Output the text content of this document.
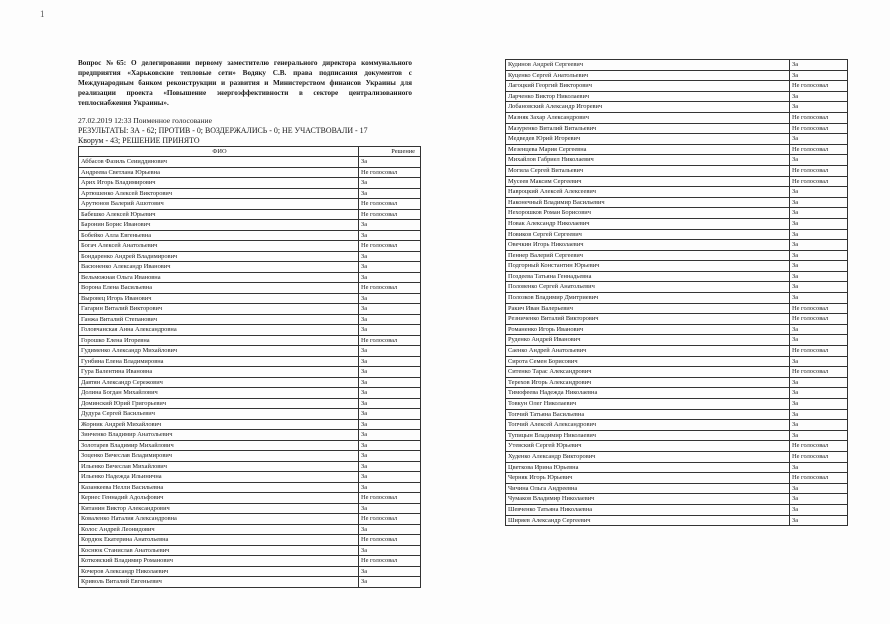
1
Вопрос №65: О делегировании первому заместителю генерального директора коммунального предприятия «Харьковские тепловые сети» Водяку С.В. права подписания документов с Международным банком реконструкции и развития и Министерством финансов Украины для реализации проекта «Повышение энергоэффективности в секторе централизованного теплоснабжения Украины».
27.02.2019 12:33 Поименное голосование
РЕЗУЛЬТАТЫ: ЗА - 62; ПРОТИВ - 0; ВОЗДЕРЖАЛИСЬ - 0; НЕ УЧАСТВОВАЛИ - 17
Кворум - 43; РЕШЕНИЕ ПРИНЯТО
ФИО	Решение
Аббасов Фазиль Сеииддинович	За
Андреева Светлана Юрьевна	Не голосовал
Арих Игорь Владимирович	За
Артюшенко Алексей Викторович	За
Арутюнов Валерий Ашотович	Не голосовал
Бабешко Алексей Юрьевич	Не голосовал
Баронин Борис Иванович	За
Бобейко Алла Евгеньевна	За
Богач Алексей Анатольевич	Не голосовал
Бондаренко Андрей Владимирович	За
Васюненко Александр Иванович	За
Вельможная Ольга Ивановна	За
Ворона Елена Васильевна	Не голосовал
Выровец Игорь Иванович	За
Гагарин Виталий Викторович	За
Ганжа Виталий Степанович	За
Головчанская Анна Александровна	За
Горошко Елена Игоревна	Не голосовал
Гудименко Александр Михайлович	За
Гунбина Елена Владимировна	За
Гура Валентина Ивановна	За
Давтян Александр Сережович	За
Долина Богдан Михайлович	За
Доминский Юрий Григорьевич	За
Дудура Сергей Васильевич	За
Жорник Андрей Михайлович	За
Зинченко Владимир Анатольевич	За
Золотарев Владимир Михайлович	За
Зоценко Вячеслав Владимирович	За
Ильенко Вячеслав Михайлович	За
Ильенко Надежда Ильинична	За
Казанкеева Нелли Васильевна	За
Кернес Геннадий Адольфович	Не голосовал
Китанин Виктор Александрович	За
Коваленко Наталия Александровна	Не голосовал
Колос Андрей Леонидович	За
Кордюк Екатерина Анатольевна	Не голосовал
Коснюк Станислав Анатольевич	За
Котковский Владимир Романович	Не голосовал
Кочеров Александр Николаевич	За
Криволь Виталий Евгеньевич	За
Кудинов Андрей Сергеевич	За
Куценко Сергей Анатольевич	За
Лагоцкий Георгий Викторович	Не голосовал
Ларченко Виктор Николаевич	За
Лобановский Александр Игоревич	За
Мазняк Захар Александрович	Не голосовал
Мазуренко Виталий Витальевич	Не голосовал
Медведев Юрий Игоревич	За
Мезенцева Мария Сергеевна	Не голосовал
Михайлов Габриел Николаевич	За
Могила Сергей Витальевич	Не голосовал
Мусеев Максим Сергеевич	Не голосовал
Навроцкий Алексей Алексеевич	За
Наконечный Владимир Васильевич	За
Нехорошков Роман Борисович	За
Новак Александр Николаевич	За
Новиков Сергей Сергеевич	За
Овечкин Игорь Николаевич	За
Пеннер Валерий Сергеевич	За
Подгорный Константин Юрьевич	За
Поздеева Татьяна Геннадьевна	За
Половенко Сергей Анатольевич	За
Полозков Владимир Дмитриевич	За
Ракич Иван Валерьевич	Не голосовал
Резниченко Виталий Викторович	Не голосовал
Романенко Игорь Иванович	За
Руденко Андрей Иванович	За
Саенко Андрей Анатольевич	Не голосовал
Сирота Семен Борисович	За
Ситенко Тарас Александрович	Не голосовал
Терехов Игорь Александрович	За
Тимофеева Надежда Николаевна	За
Товкун Олег Николаевич	За
Топчий Татьяна Васильевна	За
Топчий Алексей Александрович	За
Тупицын Владимир Николаевич	За
Утевский Сергей Юрьевич	Не голосовал
Худенко Александр Викторович	Не голосовал
Цветкова Ирина Юрьевна	За
Черняк Игорь Юрьевич	Не голосовал
Чичина Ольга Андреевна	За
Чумаков Владимир Николаевич	За
Шевченко Татьяна Николаевна	За
Ширяев Александр Сергеевич	За
